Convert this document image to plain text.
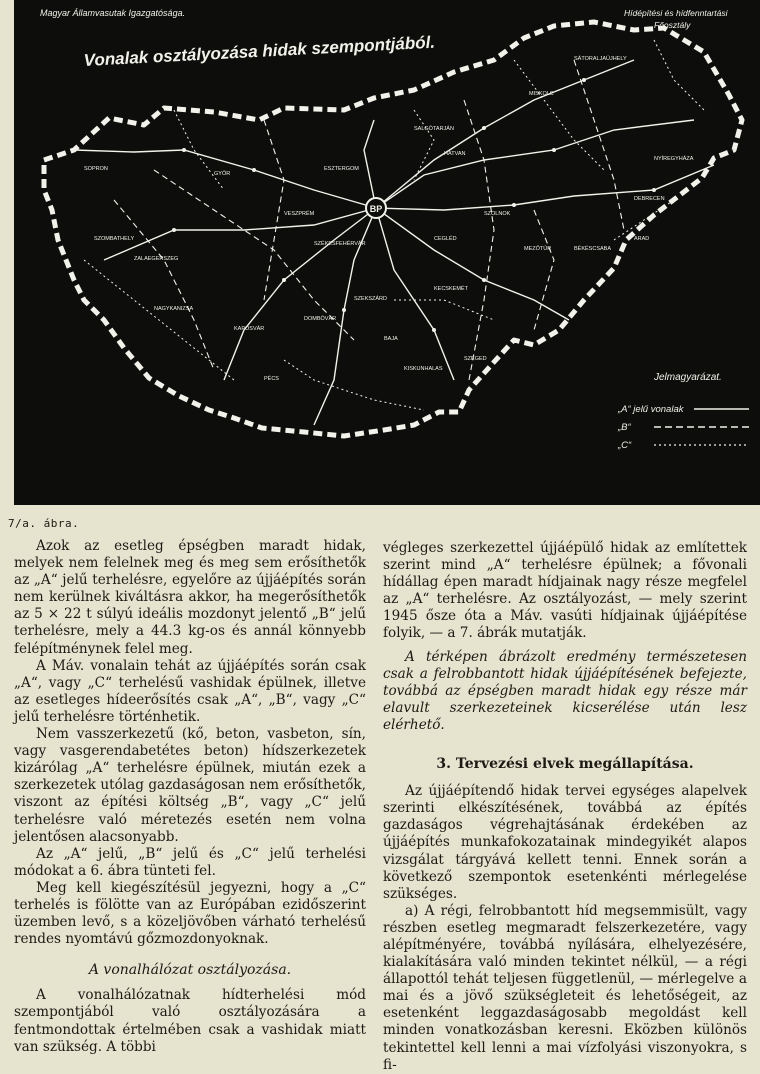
BP
Magyar Államvasutak Igazgatósága.	Hídépítési és hídfenntartási
Főosztály
Vonalak osztályozása hidak szempontjából.
MISKOLC
SÁTORALJAÚJHELY
NYÍREGYHÁZA
DEBRECEN
SZOLNOK
CEGLÉD
KECSKEMÉT
SZEGED
BÉKÉSCSABA
SZÉKESFEHÉRVÁR
GYŐR
SOPRON
SZOMBATHELY
KAPOSVÁR
PÉCS
DOMBÓVÁR
BAJA
HATVAN
SALGÓTARJÁN
ESZTERGOM
VESZPRÉM
NAGYKANIZSA
ZALAEGERSZEG
SZEKSZÁRD
KISKUNHALAS
MEZŐTÚR
ARAD
Jelmagyarázat.
„A“ jelű vonalak
„B“
„C“
7/a. ábra.

Azok az esetleg épségben maradt hidak, melyek nem felelnek meg és meg sem erősíthetők az „A“ jelű terhelésre, egyelőre az újjáépítés során nem kerülnek kiváltásra akkor, ha megerősíthetők az 5 × 22 t súlyú ideális mozdonyt jelentő „B“ jelű terhelésre, mely a 44.3 kg-os és annál könnyebb felépítménynek felel meg.

A Máv. vonalain tehát az újjáépítés során csak „A“, vagy „C“ terhelésű vashidak épülnek, illetve az esetleges hídeerősítés csak „A“, „B“, vagy „C“ jelű terhelésre történhetik.

Nem vasszerkezetű (kő, beton, vasbeton, sín, vagy vasgerendabetétes beton) hídszerkezetek kizárólag „A“ terhelésre épülnek, miután ezek a szerkezetek utólag gazdaságosan nem erősíthetők, viszont az építési költség „B“, vagy „C“ jelű terhelésre való méretezés esetén nem volna jelentősen alacsonyabb.

Az „A“ jelű, „B“ jelű és „C“ jelű terhelési módokat a 6. ábra tünteti fel.

Meg kell kiegészítésül jegyezni, hogy a „C“ terhelés is fölötte van az Európában ezidőszerint üzemben levő, s a közeljövőben várható terhelésű rendes nyomtávú gőzmozdonyoknak.

A vonalhálózat osztályozása.

A vonalhálózatnak hídterhelési mód szempontjából való osztályozására a fentmondottak értelmében csak a vashidak miatt van szükség. A többi

végleges szerkezettel újjáépülő hidak az említettek szerint mind „A“ terhelésre épülnek; a fővonali hídállag épen maradt hídjainak nagy része megfelel az „A“ terhelésre. Az osztályozást, — mely szerint 1945 ősze óta a Máv. vasúti hídjainak újjáépítése folyik, — a 7. ábrák mutatják.

A térképen ábrázolt eredmény természetesen csak a felrobbantott hidak újjáépítésének befejezte, továbbá az épségben maradt hidak egy része már elavult szerkezeteinek kicserélése után lesz elérhető.

3. Tervezési elvek megállapítása.

Az újjáépítendő hidak tervei egységes alapelvek szerinti elkészítésének, továbbá az építés gazdaságos végrehajtásának érdekében az újjáépítés munkafokozatainak mindegyikét alapos vizsgálat tárgyává kellett tenni. Ennek során a következő szempontok esetenkénti mérlegelése szükséges.

a) A régi, felrobbantott híd megsemmisült, vagy részben esetleg megmaradt felszerkezetére, vagy alépítményére, továbbá nyílására, elhelyezésére, kialakítására való minden tekintet nélkül, — a régi állapottól tehát teljesen függetlenül, — mérlegelve a mai és a jövő szükségleteit és lehetőségeit, az esetenként leggazdaságosabb megoldást kell minden vonatkozásban keresni. Eközben különös tekintettel kell lenni a mai vízfolyási viszonyokra, s fi-
